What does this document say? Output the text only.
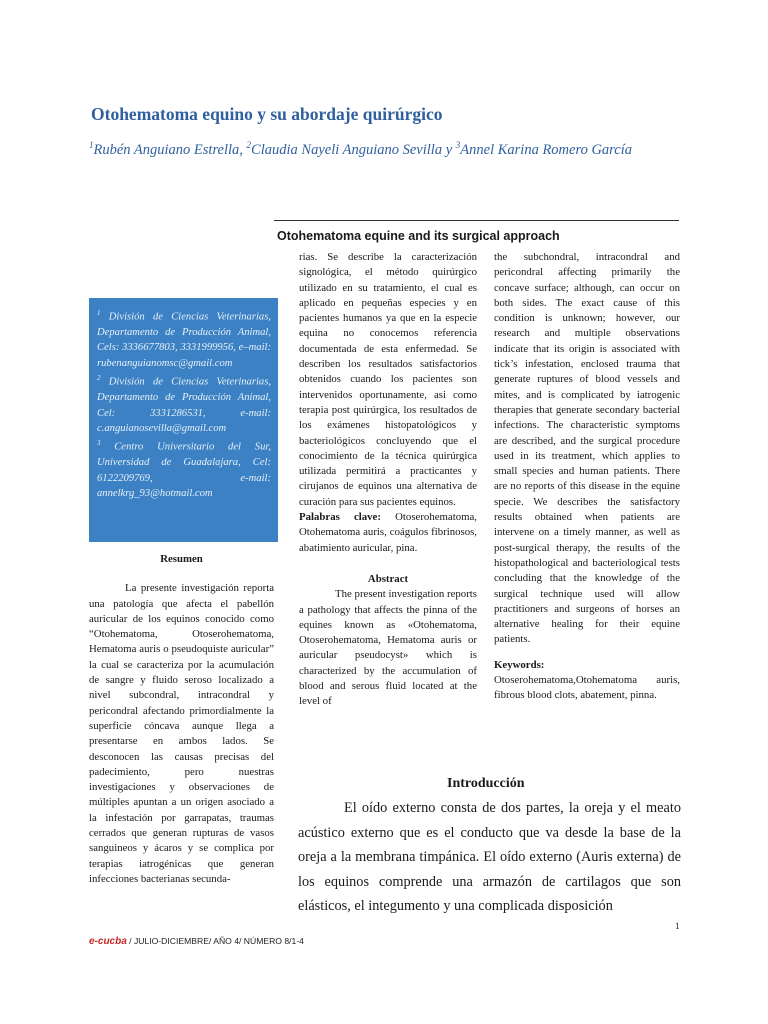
Otohematoma equino y su abordaje quirúrgico
$^1$Rubén Anguiano Estrella, $^2$Claudia Nayeli Anguiano Sevilla y $^3$Annel Karina Romero García
Otohematoma equine and its surgical approach

$^1$ División de Ciencias Veterinarias, Departamento de Producción Animal, Cels: 3336677803, 3331999956, e–mail: rubenanguianomsc@gmail.com

$^2$ División de Ciencias Veterinarias, Departamento de Producción Animal, Cel: 3331286531, e-mail: c.anguianosevilla@gmail.com

$^3$ Centro Universitario del Sur, Universidad de Guadalajara, Cel: 6122209769, e-mail: annelkrg_93@hotmail.com

Resumen

La presente investigación reporta una patología que afecta el pabellón auricular de los equinos conocido como “Otohematoma, Otoserohematoma, Hematoma auris o pseudoquiste auricular” la cual se caracteriza por la acumulación de sangre y fluido seroso localizado a nivel subcondral, intracondral y pericondral afectando primordialmente la superficie cóncava aunque llega a presentarse en ambos lados. Se desconocen las causas precisas del padecimiento, pero nuestras investigaciones y observaciones de múltiples apuntan a un origen asociado a la infestación por garrapatas, traumas cerrados que generan rupturas de vasos sanguineos y ácaros y se complica por terapias iatrogénicas que generan infecciones bacterianas secunda-

rias. Se describe la caracterización signológica, el método quirúrgico utilizado en su tratamiento, el cual es aplicado en pequeñas especies y en pacientes humanos ya que en la especie equina no conocemos referencia documentada de esta enfermedad. Se describen los resultados satisfactorios obtenidos cuando los pacientes son intervenidos oportunamente, asi como terapia post quirúrgica, los resultados de los exámenes histopatológicos y bacteriológicos concluyendo que el conocimiento de la técnica quirúrgica utilizada permitirá a practicantes y cirujanos de equinos una alternativa de curación para sus pacientes equinos.

Palabras clave: Otoserohematoma, Otohematoma auris, coágulos fibrinosos, abatimiento auricular, pina.

Abstract

The present investigation reports a pathology that affects the pinna of the equines known as «Otohematoma, Otoserohematoma, Hematoma auris or auricular pseudocyst» which is characterized by the accumulation of blood and serous fluid located at the level of

the subchondral, intracondral and pericondral affecting primarily the concave surface; although, can occur on both sides. The exact cause of this condition is unknown; however, our research and multiple observations indicate that its origin is associated with tick’s infestation, enclosed trauma that generate ruptures of blood vessels and mites, and is complicated by iatrogenic therapies that generate secondary bacterial infections. The characteristic symptoms are described, and the surgical procedure used in its treatment, which applies to small species and human patients. There are no reports of this disease in the equine specie. We describes the satisfactory results obtained when patients are intervene on a timely manner, as well as post-surgical therapy, the results of the histopathological and bacteriological tests concluding that the knowledge of the surgical technique used will allow practitioners and surgeons of horses an alternative healing for their equine patients.

Keywords: Otoserohematoma,Otohematoma auris, fibrous blood clots, abatement, pinna.

Introducción

El oído externo consta de dos partes, la oreja y el meato acústico externo que es el conducto que va desde la base de la oreja a la membrana timpánica. El oído externo (Auris externa) de los equinos comprende una armazón de cartilagos que son elásticos, el integumento y una complicada disposición

1
e-cucba / JULIO-DICIEMBRE/ AÑO 4/ NÚMERO 8/1-4
